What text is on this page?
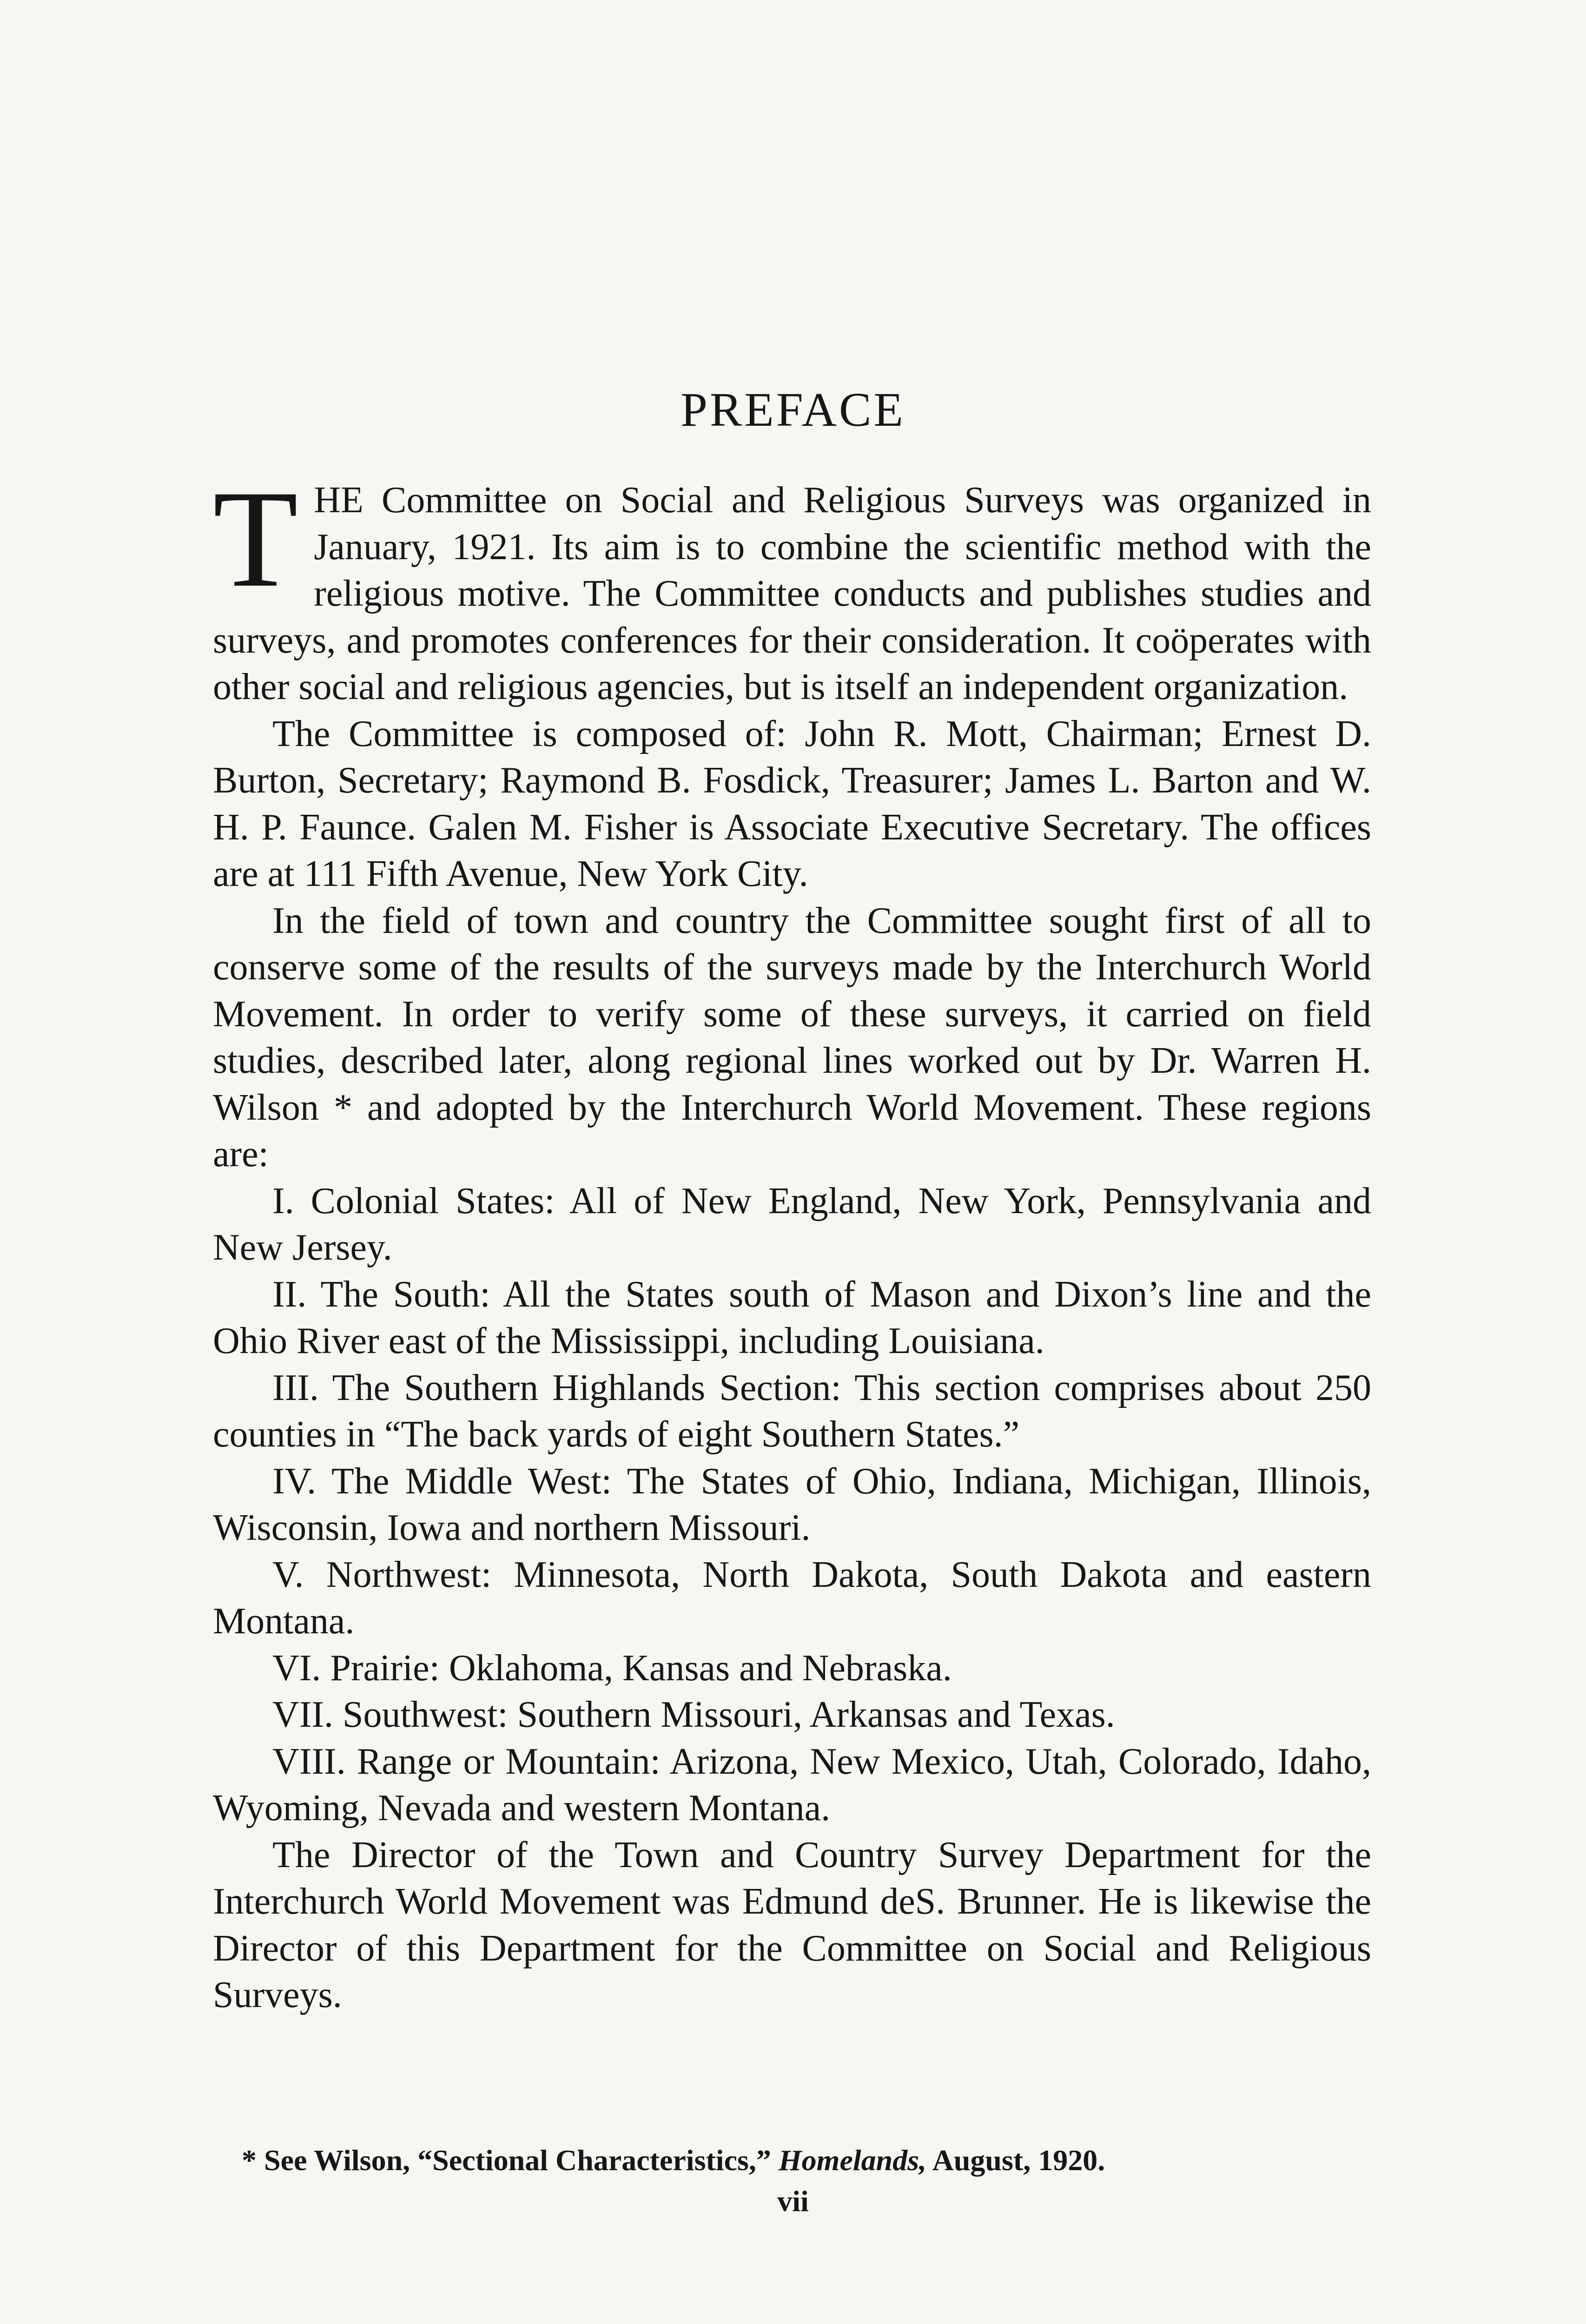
PREFACE

THE Committee on Social and Religious Surveys was organized in January, 1921. Its aim is to combine the scientific method with the religious motive. The Committee conducts and publishes studies and surveys, and promotes conferences for their consideration. It coöperates with other social and religious agencies, but is itself an independent organization.

The Committee is composed of: John R. Mott, Chairman; Ernest D. Burton, Secretary; Raymond B. Fosdick, Treasurer; James L. Barton and W. H. P. Faunce. Galen M. Fisher is Associate Executive Secretary. The offices are at 111 Fifth Avenue, New York City.

In the field of town and country the Committee sought first of all to conserve some of the results of the surveys made by the Interchurch World Movement. In order to verify some of these surveys, it carried on field studies, described later, along regional lines worked out by Dr. Warren H. Wilson * and adopted by the Interchurch World Movement. These regions are:

I. Colonial States: All of New England, New York, Pennsylvania and New Jersey.

II. The South: All the States south of Mason and Dixon’s line and the Ohio River east of the Mississippi, including Louisiana.

III. The Southern Highlands Section: This section comprises about 250 counties in “The back yards of eight Southern States.”

IV. The Middle West: The States of Ohio, Indiana, Michigan, Illinois, Wisconsin, Iowa and northern Missouri.

V. Northwest: Minnesota, North Dakota, South Dakota and eastern Montana.

VI. Prairie: Oklahoma, Kansas and Nebraska.

VII. Southwest: Southern Missouri, Arkansas and Texas.

VIII. Range or Mountain: Arizona, New Mexico, Utah, Colorado, Idaho, Wyoming, Nevada and western Montana.

The Director of the Town and Country Survey Department for the Interchurch World Movement was Edmund deS. Brunner. He is likewise the Director of this Department for the Committee on Social and Religious Surveys.

* See Wilson, “Sectional Characteristics,” Homelands, August, 1920.

vii
